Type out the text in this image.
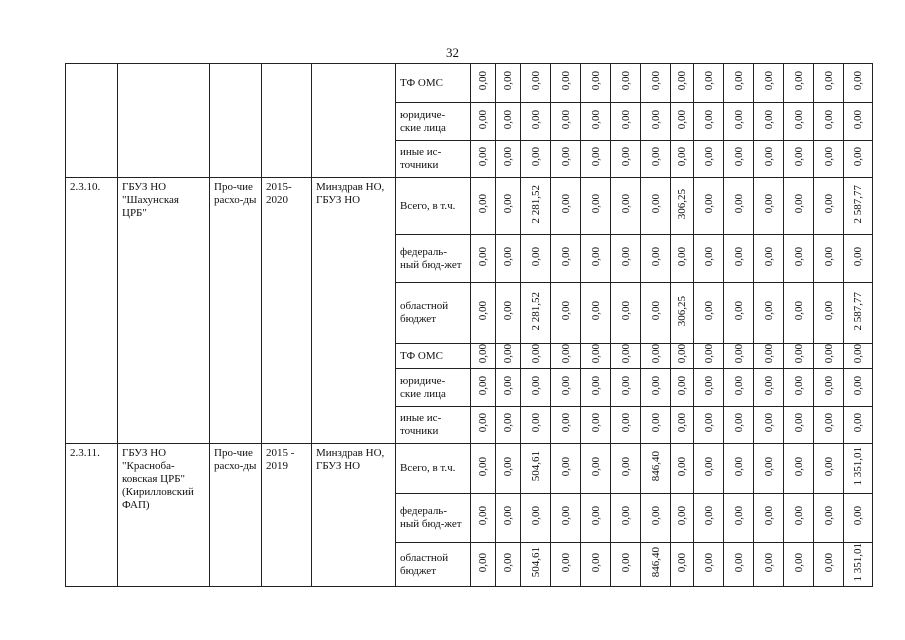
32
					ТФ ОМС	0,00	0,00	0,00	0,00	0,00	0,00	0,00	0,00	0,00	0,00	0,00	0,00	0,00	0,00
					юридиче-ские лица	0,00	0,00	0,00	0,00	0,00	0,00	0,00	0,00	0,00	0,00	0,00	0,00	0,00	0,00
					иные ис-точники	0,00	0,00	0,00	0,00	0,00	0,00	0,00	0,00	0,00	0,00	0,00	0,00	0,00	0,00
2.3.10.	ГБУЗ НО "Шахунская ЦРБ"	Про-чие расхо-ды	2015-2020	Минздрав НО, ГБУЗ НО	Всего, в т.ч.	0,00	0,00	2 281,52	0,00	0,00	0,00	0,00	306,25	0,00	0,00	0,00	0,00	0,00	2 587,77
					федераль-ный бюд-жет	0,00	0,00	0,00	0,00	0,00	0,00	0,00	0,00	0,00	0,00	0,00	0,00	0,00	0,00
					областной бюджет	0,00	0,00	2 281,52	0,00	0,00	0,00	0,00	306,25	0,00	0,00	0,00	0,00	0,00	2 587,77
					ТФ ОМС	0,00	0,00	0,00	0,00	0,00	0,00	0,00	0,00	0,00	0,00	0,00	0,00	0,00	0,00
					юридиче-ские лица	0,00	0,00	0,00	0,00	0,00	0,00	0,00	0,00	0,00	0,00	0,00	0,00	0,00	0,00
					иные ис-точники	0,00	0,00	0,00	0,00	0,00	0,00	0,00	0,00	0,00	0,00	0,00	0,00	0,00	0,00
2.3.11.	ГБУЗ НО "Красноба-ковская ЦРБ" (Кирилловский ФАП)	Про-чие расхо-ды	2015 - 2019	Минздрав НО, ГБУЗ НО	Всего, в т.ч.	0,00	0,00	504,61	0,00	0,00	0,00	846,40	0,00	0,00	0,00	0,00	0,00	0,00	1 351,01
					федераль-ный бюд-жет	0,00	0,00	0,00	0,00	0,00	0,00	0,00	0,00	0,00	0,00	0,00	0,00	0,00	0,00
					областной бюджет	0,00	0,00	504,61	0,00	0,00	0,00	846,40	0,00	0,00	0,00	0,00	0,00	0,00	1 351,01
